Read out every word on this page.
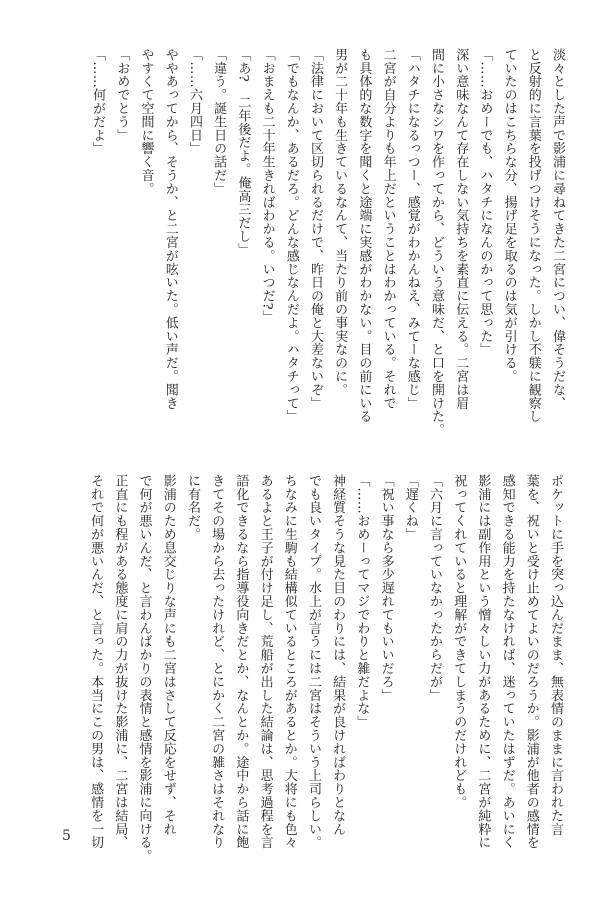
淡々とした声で影浦に尋ねてきた二宮につい、偉そうだな、
と反射的に言葉を投げつけそうになった。しかし不躾に観察し
ていたのはこちらな分、揚げ足を取るのは気が引ける。
「……おめーでも、ハタチになんのかって思った」
深い意味なんて存在しない気持ちを素直に伝える。二宮は眉
間に小さなシワを作ってから、どういう意味だ、と口を開けた。
「ハタチになるっつー、感覚がわかんねえ、みてーな感じ」
二宮が自分よりも年上だということはわかっている。それで
も具体的な数字を聞くと途端に実感がわかない。目の前にいる
男が二十年も生きているなんて、当たり前の事実なのに。
「法律において区切られるだけで、昨日の俺と大差ないぞ」
「でもなんか、あるだろ。どんな感じなんだよ。ハタチって」
「おまえも二十年生きればわかる。いつだ?」
「あ?　二年後だよ。俺高三だし」
「違う。誕生日の話だ」
「……六月四日」
ややあってから、そうか、と二宮が呟いた。低い声だ。聞き
やすくて空間に響く音。
「おめでとう」
「……何がだよ」
ポケットに手を突っ込んだまま、無表情のままに言われた言
葉を、祝いと受け止めてよいのだろうか。影浦が他者の感情を
感知できる能力を持たなければ、迷っていたはずだ。あいにく
影浦には副作用という憎々しい力があるために、二宮が純粋に
祝ってくれていると理解ができてしまうのだけれども。
「六月に言っていなかったからだが」
「遅くね」
「祝い事なら多少遅れてもいいだろ」
「……おめーってマジでわりと雑だよな」
神経質そうな見た目のわりには、結果が良ければわりとなん
でも良いタイプ。水上が言うには二宮はそういう上司らしい。
ちなみに生駒も結構似ているところがあるとか。大将にも色々
あるよと王子が付け足し、荒船が出した結論は、思考過程を言
語化できるなら指導役向きだとか、なんとか。途中から話に飽
きてその場から去ったけれど、とにかく二宮の雑さはそれなり
に有名だ。
影浦のため息交じりな声にも二宮はさして反応をせず、それ
で何が悪いんだ、と言わんばかりの表情と感情を影浦に向ける。
正直にも程がある態度に肩の力が抜けた影浦に、二宮は結局、
それで何が悪いんだ、と言った。本当にこの男は、感情を一切
5
